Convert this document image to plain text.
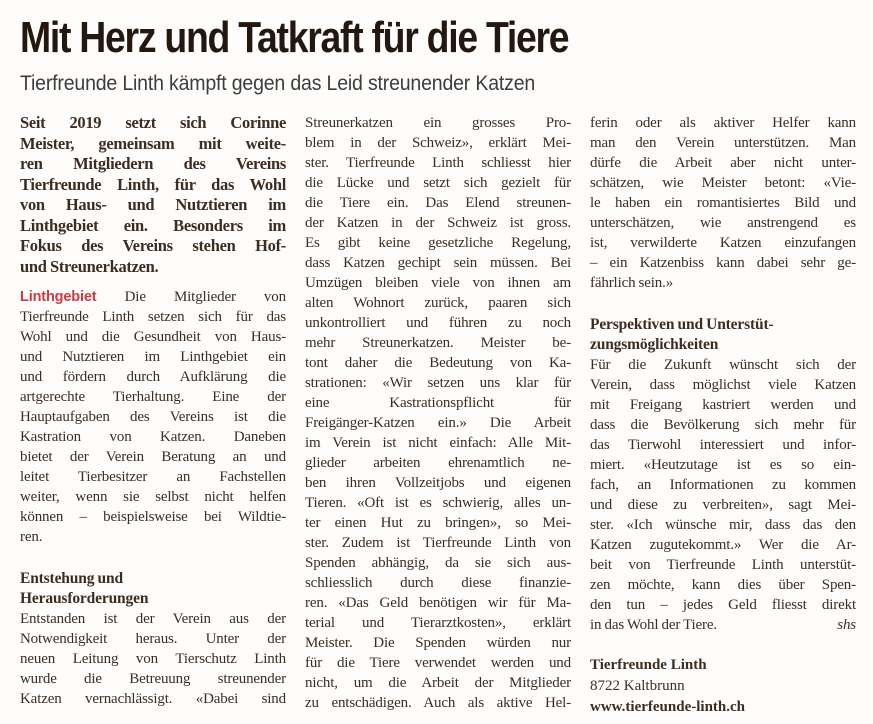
Mit Herz und Tatkraft für die Tiere
Tierfreunde Linth kämpft gegen das Leid streunender Katzen
Seit 2019 setzt sich Corinne
Meister, gemeinsam mit weite-
ren Mitgliedern des Vereins
Tierfreunde Linth, für das Wohl
von Haus- und Nutztieren im
Linthgebiet ein. Besonders im
Fokus des Vereins stehen Hof-
und Streunerkatzen.
Linthgebiet Die Mitglieder von
Tierfreunde Linth setzen sich für das
Wohl und die Gesundheit von Haus-
und Nutztieren im Linthgebiet ein
und fördern durch Aufklärung die
artgerechte Tierhaltung. Eine der
Hauptaufgaben des Vereins ist die
Kastration von Katzen. Daneben
bietet der Verein Beratung an und
leitet Tierbesitzer an Fachstellen
weiter, wenn sie selbst nicht helfen
können – beispielsweise bei Wildtie-
ren.
Entstehung und
Herausforderungen
Entstanden ist der Verein aus der
Notwendigkeit heraus. Unter der
neuen Leitung von Tierschutz Linth
wurde die Betreuung streunender
Katzen vernachlässigt. «Dabei sind
Streunerkatzen ein grosses Pro-
blem in der Schweiz», erklärt Mei-
ster. Tierfreunde Linth schliesst hier
die Lücke und setzt sich gezielt für
die Tiere ein. Das Elend streunen-
der Katzen in der Schweiz ist gross.
Es gibt keine gesetzliche Regelung,
dass Katzen gechipt sein müssen. Bei
Umzügen bleiben viele von ihnen am
alten Wohnort zurück, paaren sich
unkontrolliert und führen zu noch
mehr Streunerkatzen. Meister be-
tont daher die Bedeutung von Ka-
strationen: «Wir setzen uns klar für
eine Kastrationspflicht für
Freigänger-Katzen ein.» Die Arbeit
im Verein ist nicht einfach: Alle Mit-
glieder arbeiten ehrenamtlich ne-
ben ihren Vollzeitjobs und eigenen
Tieren. «Oft ist es schwierig, alles un-
ter einen Hut zu bringen», so Mei-
ster. Zudem ist Tierfreunde Linth von
Spenden abhängig, da sie sich aus-
schliesslich durch diese finanzie-
ren. «Das Geld benötigen wir für Ma-
terial und Tierarztkosten», erklärt
Meister. Die Spenden würden nur
für die Tiere verwendet werden und
nicht, um die Arbeit der Mitglieder
zu entschädigen. Auch als aktive Hel-
ferin oder als aktiver Helfer kann
man den Verein unterstützen. Man
dürfe die Arbeit aber nicht unter-
schätzen, wie Meister betont: «Vie-
le haben ein romantisiertes Bild und
unterschätzen, wie anstrengend es
ist, verwilderte Katzen einzufangen
– ein Katzenbiss kann dabei sehr ge-
fährlich sein.»
Perspektiven und Unterstüt-
zungsmöglichkeiten
Für die Zukunft wünscht sich der
Verein, dass möglichst viele Katzen
mit Freigang kastriert werden und
dass die Bevölkerung sich mehr für
das Tierwohl interessiert und infor-
miert. «Heutzutage ist es so ein-
fach, an Informationen zu kommen
und diese zu verbreiten», sagt Mei-
ster. «Ich wünsche mir, dass das den
Katzen zugutekommt.» Wer die Ar-
beit von Tierfreunde Linth unterstüt-
zen möchte, kann dies über Spen-
den tun – jedes Geld fliesst direkt
in das Wohl der Tiere.	shs
Tierfreunde Linth
8722 Kaltbrunn
www.tierfeunde-linth.ch
